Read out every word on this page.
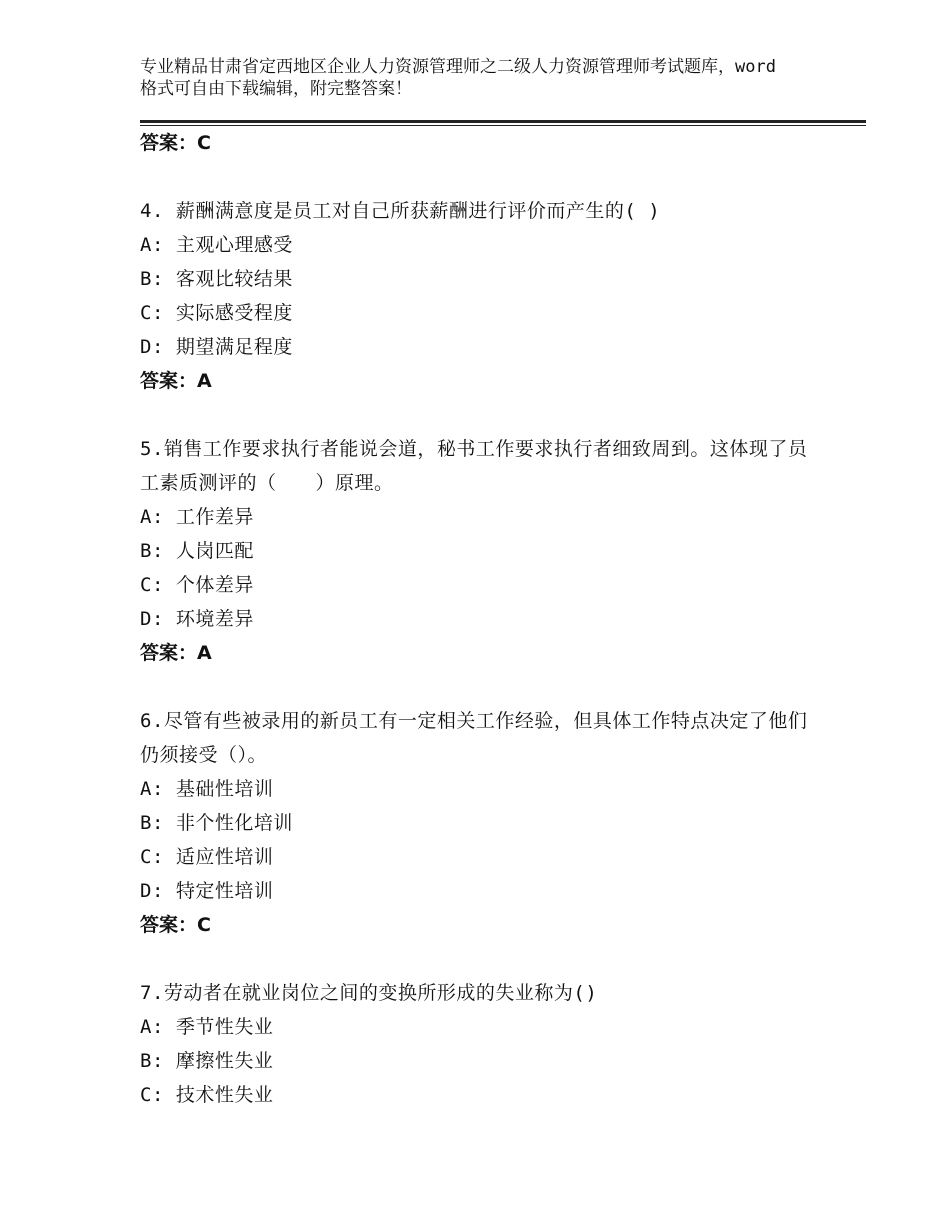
专业精品甘肃省定西地区企业人力资源管理师之二级人力资源管理师考试题库，word格式可自由下载编辑，附完整答案！
答案：C
4. 薪酬满意度是员工对自己所获薪酬进行评价而产生的( )
A: 主观心理感受
B: 客观比较结果
C: 实际感受程度
D: 期望满足程度
答案：A
5.销售工作要求执行者能说会道，秘书工作要求执行者细致周到。这体现了员工素质测评的（　　）原理。
A: 工作差异
B: 人岗匹配
C: 个体差异
D: 环境差异
答案：A
6.尽管有些被录用的新员工有一定相关工作经验，但具体工作特点决定了他们仍须接受（）。
A: 基础性培训
B: 非个性化培训
C: 适应性培训
D: 特定性培训
答案：C
7.劳动者在就业岗位之间的变换所形成的失业称为()
A: 季节性失业
B: 摩擦性失业
C: 技术性失业
